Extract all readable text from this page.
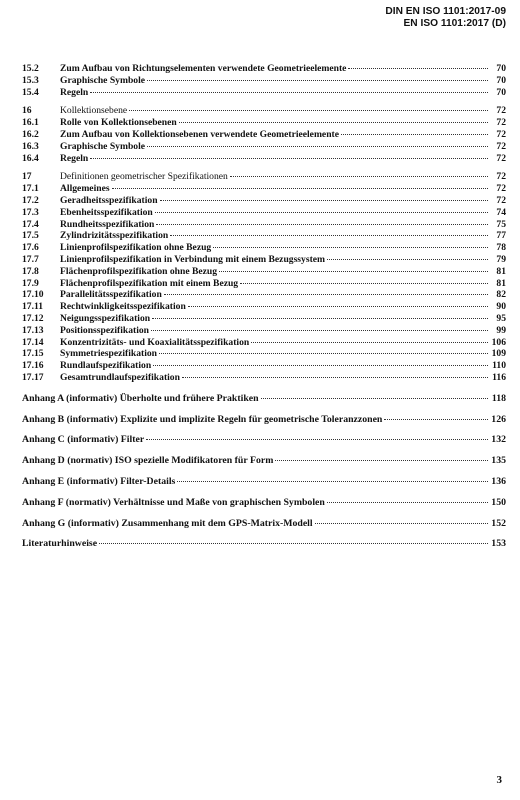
DIN EN ISO 1101:2017-09
EN ISO 1101:2017 (D)
15.2	Zum Aufbau von Richtungselementen verwendete Geometrieelemente	70
15.3	Graphische Symbole	70
15.4	Regeln	70
16	Kollektionsebene	72
16.1	Rolle von Kollektionsebenen	72
16.2	Zum Aufbau von Kollektionsebenen verwendete Geometrieelemente	72
16.3	Graphische Symbole	72
16.4	Regeln	72
17	Definitionen geometrischer Spezifikationen	72
17.1	Allgemeines	72
17.2	Geradheitsspezifikation	72
17.3	Ebenheitsspezifikation	74
17.4	Rundheitsspezifikation	75
17.5	Zylindrizitätsspezifikation	77
17.6	Linienprofilspezifikation ohne Bezug	78
17.7	Linienprofilspezifikation in Verbindung mit einem Bezugssystem	79
17.8	Flächenprofilspezifikation ohne Bezug	81
17.9	Flächenprofilspezifikation mit einem Bezug	81
17.10	Parallelitätsspezifikation	82
17.11	Rechtwinkligkeitsspezifikation	90
17.12	Neigungsspezifikation	95
17.13	Positionsspezifikation	99
17.14	Konzentrizitäts- und Koaxialitätsspezifikation	106
17.15	Symmetriespezifikation	109
17.16	Rundlaufspezifikation	110
17.17	Gesamtrundlaufspezifikation	116
Anhang A (informativ) Überholte und frühere Praktiken	118
Anhang B (informativ) Explizite und implizite Regeln für geometrische Toleranzzonen	126
Anhang C (informativ) Filter	132
Anhang D (normativ) ISO spezielle Modifikatoren für Form	135
Anhang E (informativ) Filter-Details	136
Anhang F (normativ) Verhältnisse und Maße von graphischen Symbolen	150
Anhang G (informativ) Zusammenhang mit dem GPS-Matrix-Modell	152
Literaturhinweise	153
3
